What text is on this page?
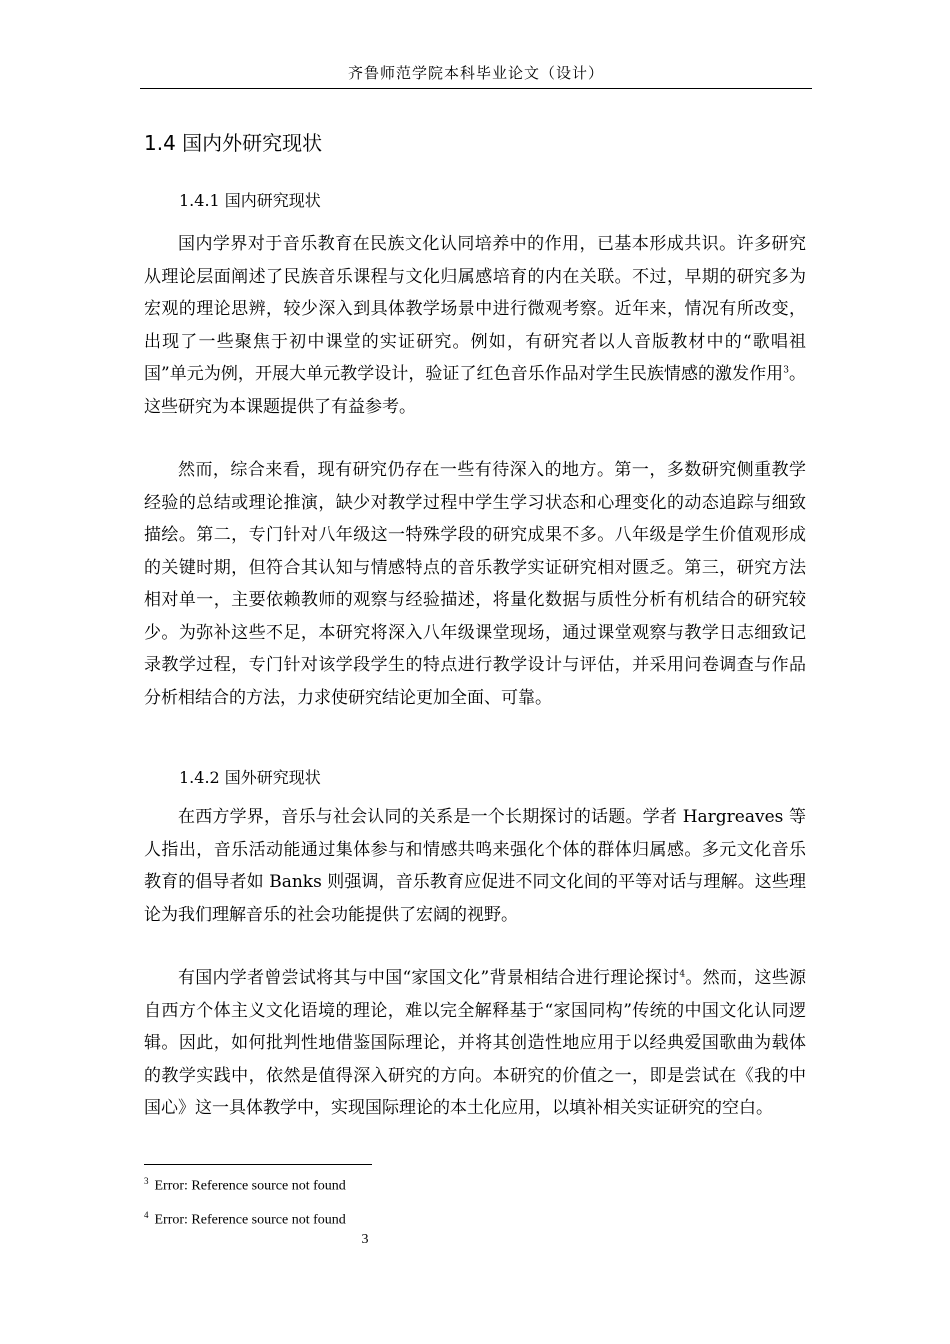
齐鲁师范学院本科毕业论文（设计）
1.4 国内外研究现状
1.4.1 国内研究现状

国内学界对于音乐教育在民族文化认同培养中的作用，已基本形成共识。许多研究从理论层面阐述了民族音乐课程与文化归属感培育的内在关联。不过，早期的研究多为宏观的理论思辨，较少深入到具体教学场景中进行微观考察。近年来，情况有所改变，出现了一些聚焦于初中课堂的实证研究。例如，有研究者以人音版教材中的“歌唱祖国”单元为例，开展大单元教学设计，验证了红色音乐作品对学生民族情感的激发作用$^3$。这些研究为本课题提供了有益参考。

然而，综合来看，现有研究仍存在一些有待深入的地方。第一，多数研究侧重教学经验的总结或理论推演，缺少对教学过程中学生学习状态和心理变化的动态追踪与细致描绘。第二，专门针对八年级这一特殊学段的研究成果不多。八年级是学生价值观形成的关键时期，但符合其认知与情感特点的音乐教学实证研究相对匮乏。第三，研究方法相对单一，主要依赖教师的观察与经验描述，将量化数据与质性分析有机结合的研究较少。为弥补这些不足，本研究将深入八年级课堂现场，通过课堂观察与教学日志细致记录教学过程，专门针对该学段学生的特点进行教学设计与评估，并采用问卷调查与作品分析相结合的方法，力求使研究结论更加全面、可靠。

1.4.2 国外研究现状

在西方学界，音乐与社会认同的关系是一个长期探讨的话题。学者 Hargreaves 等人指出，音乐活动能通过集体参与和情感共鸣来强化个体的群体归属感。多元文化音乐教育的倡导者如 Banks 则强调，音乐教育应促进不同文化间的平等对话与理解。这些理论为我们理解音乐的社会功能提供了宏阔的视野。

有国内学者曾尝试将其与中国“家国文化”背景相结合进行理论探讨$^4$。然而，这些源自西方个体主义文化语境的理论，难以完全解释基于“家国同构”传统的中国文化认同逻辑。因此，如何批判性地借鉴国际理论，并将其创造性地应用于以经典爱国歌曲为载体的教学实践中，依然是值得深入研究的方向。本研究的价值之一，即是尝试在《我的中国心》这一具体教学中，实现国际理论的本土化应用，以填补相关实证研究的空白。

$^3$ Error: Reference source not found
$^4$ Error: Reference source not found
3
